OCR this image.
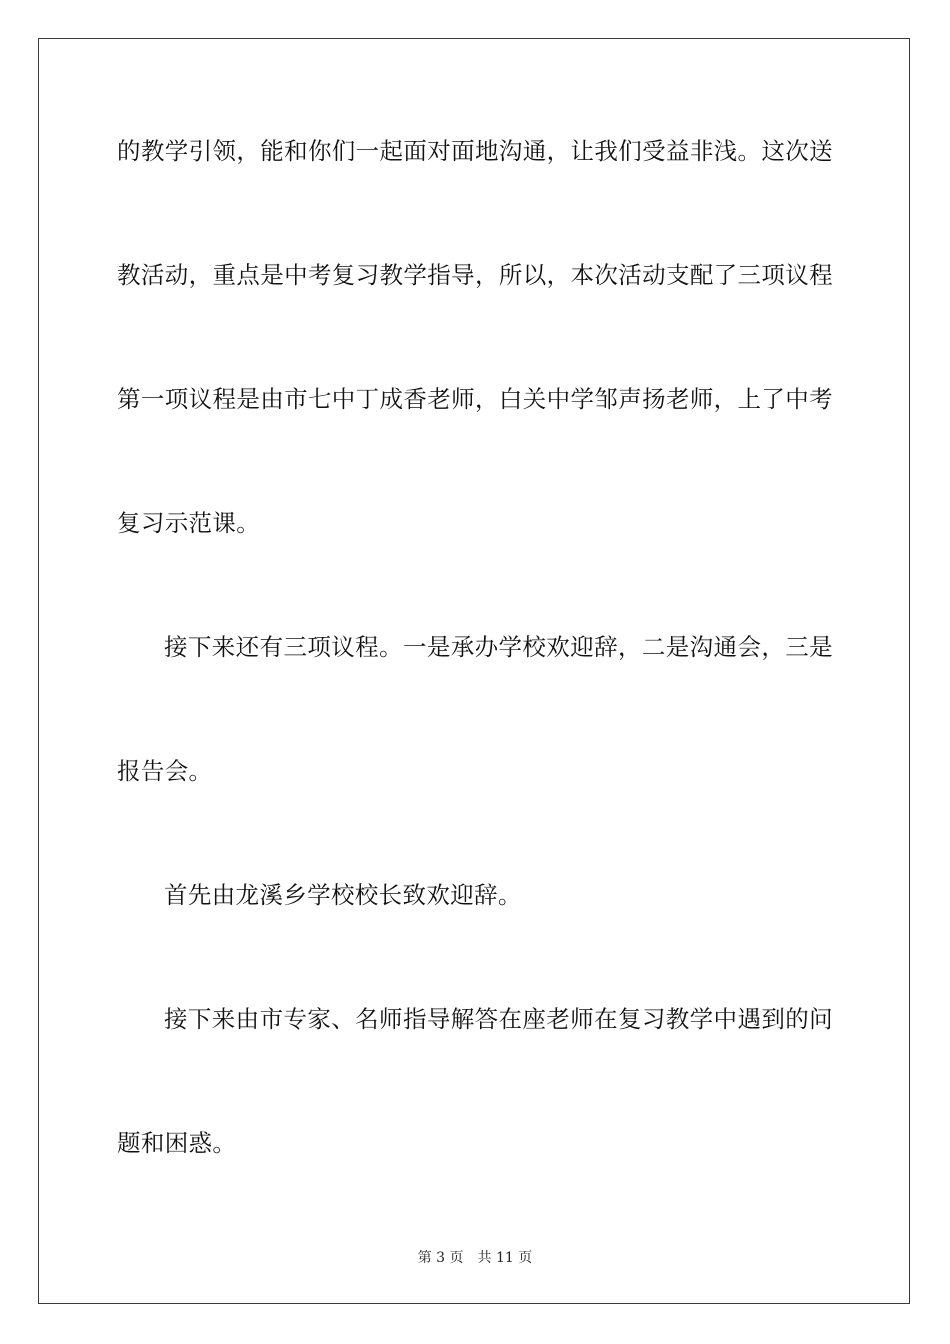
的教学引领，能和你们一起面对面地沟通，让我们受益非浅。这次送
教活动，重点是中考复习教学指导，所以，本次活动支配了三项议程
第一项议程是由市七中丁成香老师，白关中学邹声扬老师，上了中考
复习示范课。
接下来还有三项议程。一是承办学校欢迎辞，二是沟通会，三是
报告会。
首先由龙溪乡学校校长致欢迎辞。
接下来由市专家、名师指导解答在座老师在复习教学中遇到的问
题和困惑。
第 3 页　共 11 页
